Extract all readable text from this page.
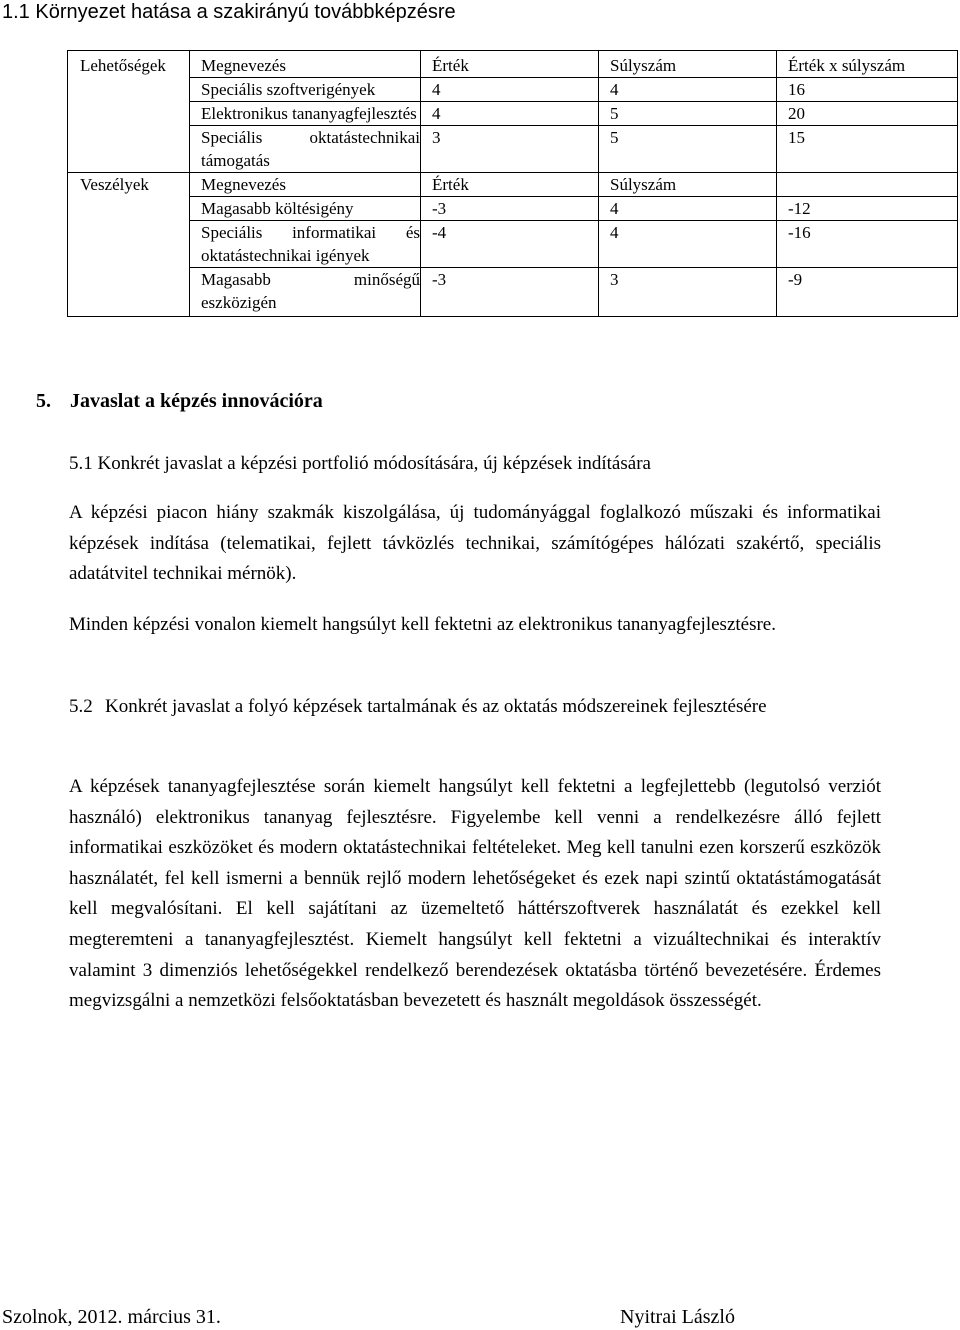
1.1 Környezet hatása a szakirányú továbbképzésre
Lehetőségek	Megnevezés	Érték	Súlyszám	Érték x súlyszám
	Speciális szoftverigények	4	4	16
	Elektronikus tananyagfejlesztés	4	5	20
	Speciális oktatástechnikai támogatás	3	5	15
Veszélyek	Megnevezés	Érték	Súlyszám	
	Magasabb költésigény	-3	4	-12
	Speciális informatikai és oktatástechnikai igények	-4	4	-16
	Magasabb minőségű eszközigén	-3	3	-9
5. Javaslat a képzés innovációra
5.1 Konkrét javaslat a képzési portfolió módosítására, új képzések indítására
A képzési piacon hiány szakmák kiszolgálása, új tudományággal foglalkozó műszaki és informatikai képzések indítása (telematikai, fejlett távközlés technikai, számítógépes hálózati szakértő, speciális adatátvitel technikai mérnök).
Minden képzési vonalon kiemelt hangsúlyt kell fektetni az elektronikus tananyagfejlesztésre.
5.2 Konkrét javaslat a folyó képzések tartalmának és az oktatás módszereinek fejlesztésére
A képzések tananyagfejlesztése során kiemelt hangsúlyt kell fektetni a legfejlettebb (legutolsó verziót használó) elektronikus tananyag fejlesztésre. Figyelembe kell venni a rendelkezésre álló fejlett informatikai eszközöket és modern oktatástechnikai feltételeket. Meg kell tanulni ezen korszerű eszközök használatét, fel kell ismerni a bennük rejlő modern lehetőségeket és ezek napi szintű oktatástámogatását kell megvalósítani. El kell sajátítani az üzemeltető háttérszoftverek használatát és ezekkel kell megteremteni a tananyagfejlesztést. Kiemelt hangsúlyt kell fektetni a vizuáltechnikai és interaktív valamint 3 dimenziós lehetőségekkel rendelkező berendezések oktatásba történő bevezetésére. Érdemes megvizsgálni a nemzetközi felsőoktatásban bevezetett és használt megoldások összességét.
Szolnok, 2012. március 31.	Nyitrai László
